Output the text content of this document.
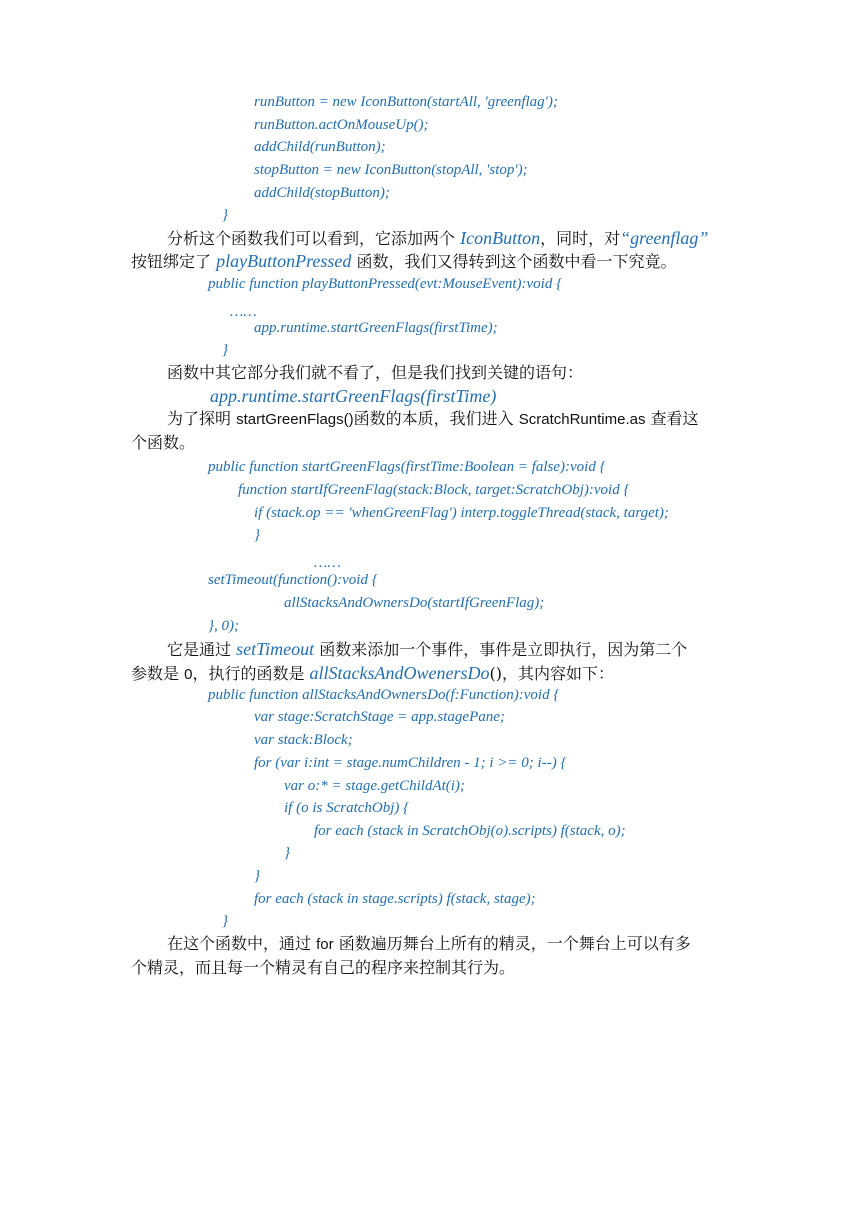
runButton = new IconButton(startAll, 'greenflag');
runButton.actOnMouseUp();
addChild(runButton);
stopButton = new IconButton(stopAll, 'stop');
addChild(stopButton);
}
分析这个函数我们可以看到，它添加两个 IconButton，同时，对“greenflag”
按钮绑定了 playButtonPressed 函数，我们又得转到这个函数中看一下究竟。
public function playButtonPressed(evt:MouseEvent):void {
……
app.runtime.startGreenFlags(firstTime);
}
函数中其它部分我们就不看了，但是我们找到关键的语句：
app.runtime.startGreenFlags(firstTime)
为了探明 startGreenFlags()函数的本质，我们进入 ScratchRuntime.as 查看这
个函数。
public function startGreenFlags(firstTime:Boolean = false):void {
function startIfGreenFlag(stack:Block, target:ScratchObj):void {
if (stack.op == 'whenGreenFlag') interp.toggleThread(stack, target);
}
……
setTimeout(function():void {
allStacksAndOwnersDo(startIfGreenFlag);
}, 0);
它是通过 setTimeout 函数来添加一个事件，事件是立即执行，因为第二个
参数是 0，执行的函数是 allStacksAndOwenersDo()，其内容如下：
public function allStacksAndOwnersDo(f:Function):void {
var stage:ScratchStage = app.stagePane;
var stack:Block;
for (var i:int = stage.numChildren - 1; i >= 0; i--) {
var o:* = stage.getChildAt(i);
if (o is ScratchObj) {
for each (stack in ScratchObj(o).scripts) f(stack, o);
}
}
for each (stack in stage.scripts) f(stack, stage);
}
在这个函数中，通过 for 函数遍历舞台上所有的精灵，一个舞台上可以有多
个精灵，而且每一个精灵有自己的程序来控制其行为。
